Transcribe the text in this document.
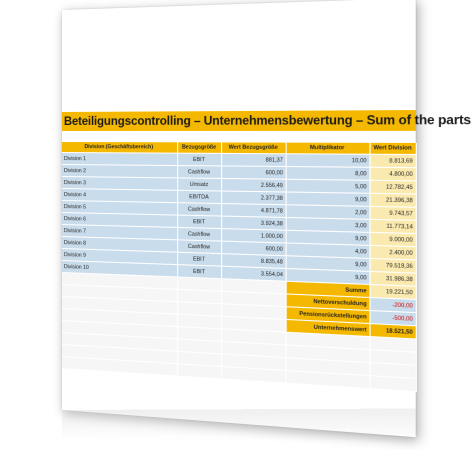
Beteiligungscontrolling – Unternehmensbewertung – Sum of the parts
Division (Geschäftsbereich)	Bezugsgröße	Wert Bezugsgröße	Multiplikator	Wert Division
Division 1	EBIT	881,37	10,00	8.813,69
Division 2	Cashflow	600,00	8,00	4.800,00
Division 3	Umsatz	2.556,49	5,00	12.782,45
Division 4	EBITDA	2.377,38	9,00	21.396,38
Division 5	Cashflow	4.871,78	2,00	9.743,57
Division 6	EBIT	3.924,38	3,00	11.773,14
Division 7	Cashflow	1.000,00	9,00	9.000,00
Division 8	Cashflow	600,00	4,00	2.400,00
Division 9	EBIT	8.835,48	9,00	79.519,36
Division 10	EBIT	3.554,04	9,00	31.986,38
			Summe	19.221,50
			Nettoverschuldung	-200,00
			Pensionsrückstellungen	-500,00
			Unternehmenswert	18.521,50
